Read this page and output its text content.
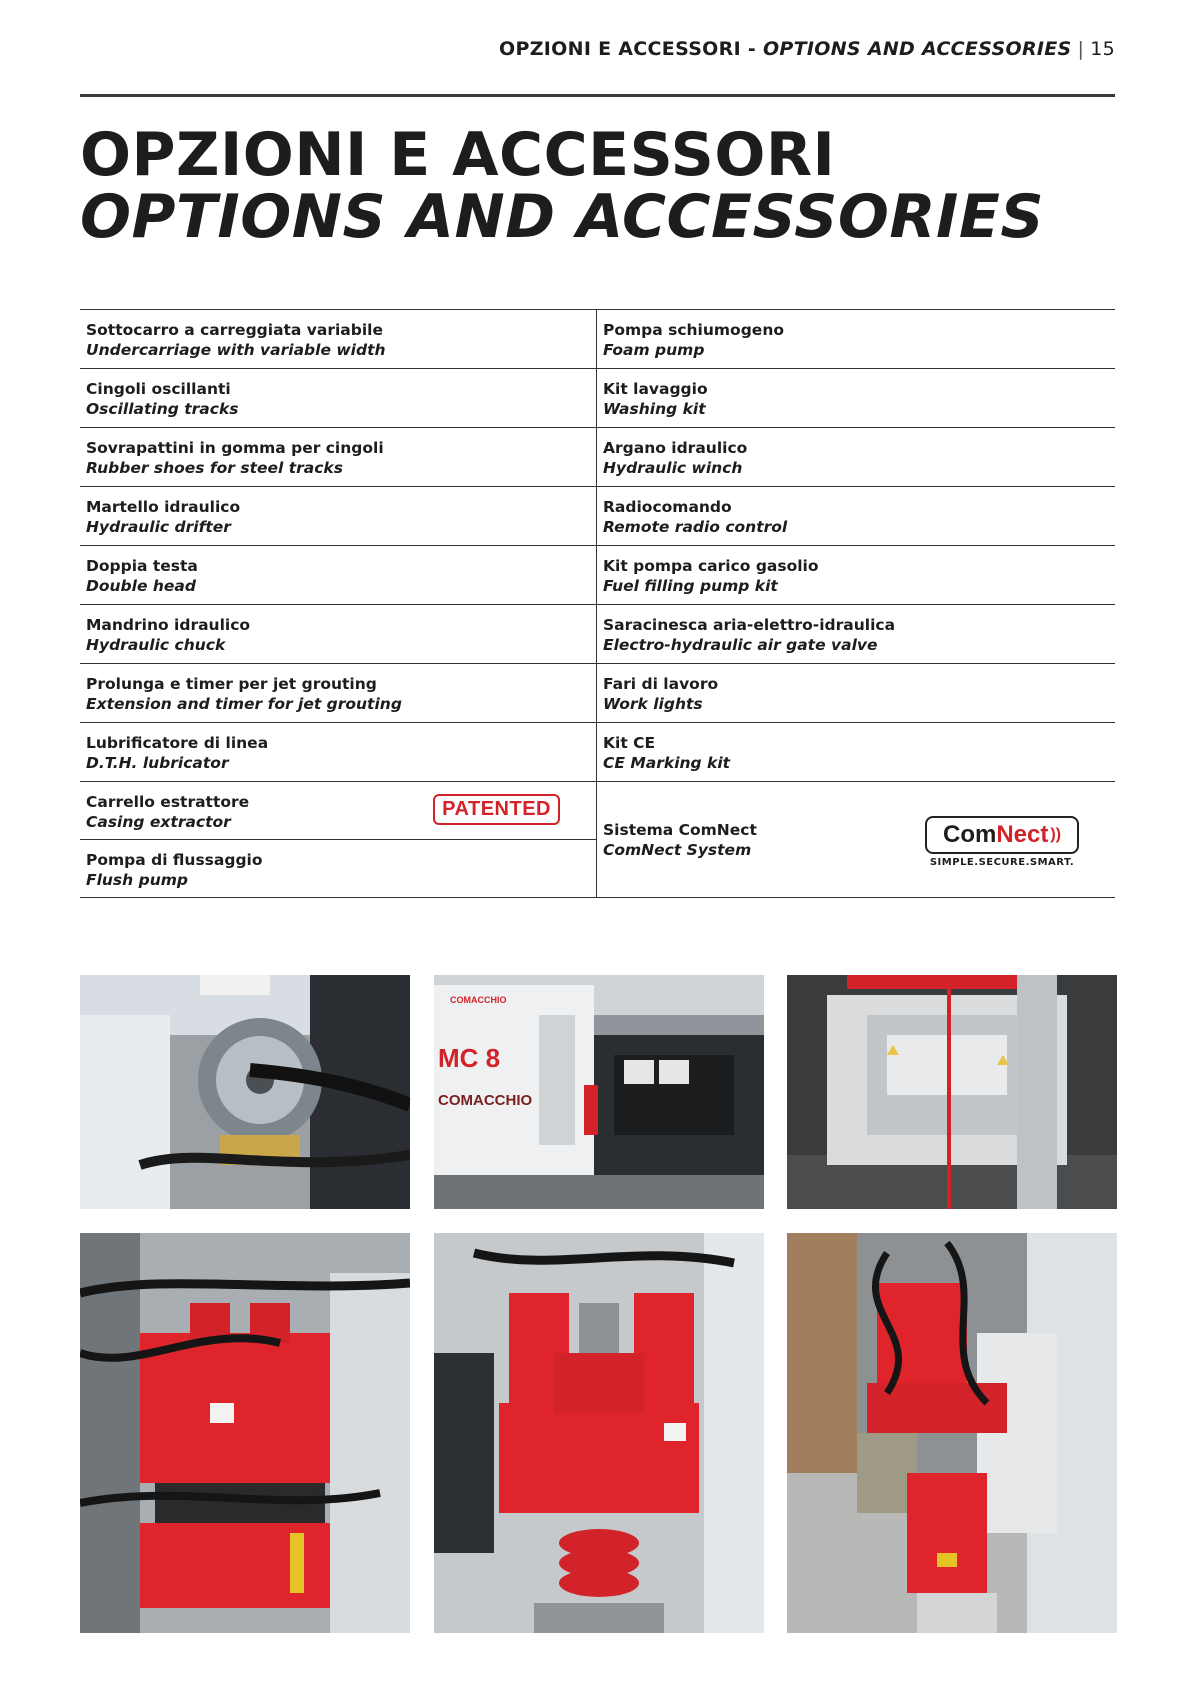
OPZIONI E ACCESSORI - OPTIONS AND ACCESSORIES | 15
OPZIONI E ACCESSORI
OPTIONS AND ACCESSORIES
Sottocarro a carreggiata variabile
Undercarriage with variable width
Pompa schiumogeno
Foam pump
Cingoli oscillanti
Oscillating tracks
Kit lavaggio
Washing kit
Sovrapattini in gomma per cingoli
Rubber shoes for steel tracks
Argano idraulico
Hydraulic winch
Martello idraulico
Hydraulic drifter
Radiocomando
Remote radio control
Doppia testa
Double head
Kit pompa carico gasolio
Fuel filling pump kit
Mandrino idraulico
Hydraulic chuck
Saracinesca aria-elettro-idraulica
Electro-hydraulic air gate valve
Prolunga e timer per jet grouting
Extension and timer for jet grouting
Fari di lavoro
Work lights
Lubrificatore di linea
D.T.H. lubricator
Kit CE
CE Marking kit
Carrello estrattore
Casing extractor
PATENTED
Pompa di flussaggio
Flush pump
Sistema ComNect
ComNect System
Com Nect ))
SIMPLE.SECURE.SMART.
COMACCHIO
MC 8
COMACCHIO
